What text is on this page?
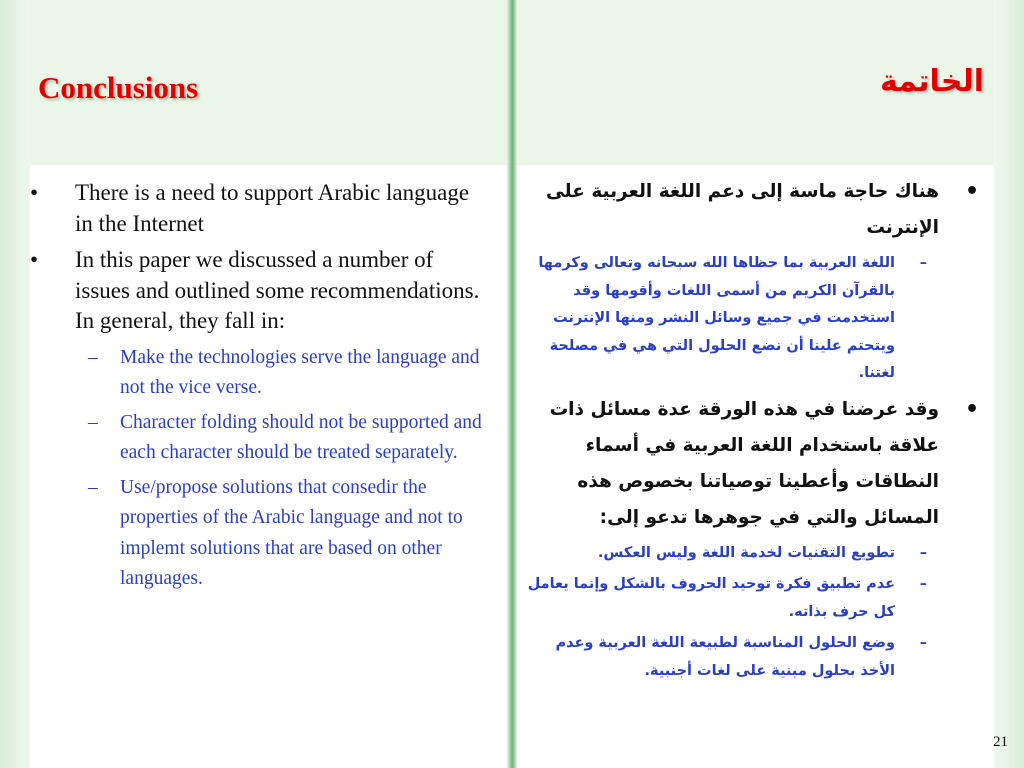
Conclusions	الخاتمة
• There is a need to support Arabic language in the Internet
• In this paper we discussed a number of issues and outlined some recommendations. In general, they fall in:
– Make the technologies serve the language and not the vice verse.
– Character folding should not be supported and each character should be treated separately.
– Use/propose solutions that consedir the properties of the Arabic language and not to implemt solutions that are based on other languages.
•
هناك حاجة ماسة إلى دعم اللغة العربية على الإنترنت
–
اللغة العربية بما حظاها الله سبحانه وتعالى وكرمها بالقرآن الكريم من أسمى اللغات وأقومها وقد استخدمت في جميع وسائل النشر ومنها الإنترنت ويتحتم علينا أن نضع الحلول التي هي في مصلحة لغتنا.
•
وقد عرضنا في هذه الورقة عدة مسائل ذات علاقة باستخدام اللغة العربية في أسماء النطاقات وأعطينا توصياتنا بخصوص هذه المسائل والتي في جوهرها تدعو إلى:
–
تطويع التقنيات لخدمة اللغة وليس العكس.
–
عدم تطبيق فكرة توحيد الحروف بالشكل وإنما يعامل كل حرف بذاته.
–
وضع الحلول المناسبة لطبيعة اللغة العربية وعدم الأخذ بحلول مبنية على لغات أجنبية.
21
